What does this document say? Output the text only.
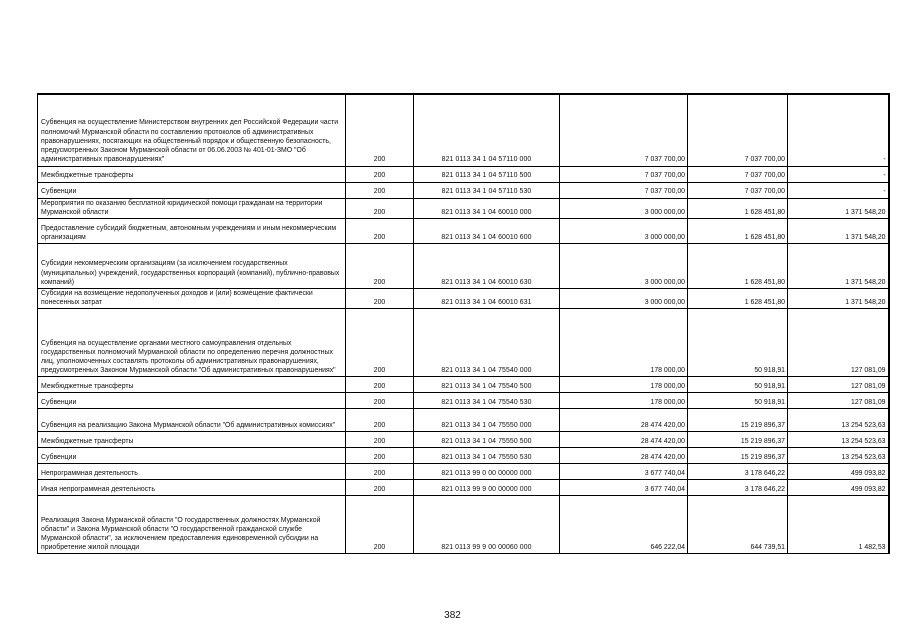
Субвенция на осуществление Министерством внутренних дел Российской Федерации части полномочий Мурманской области по составлению протоколов об административных правонарушениях, посягающих на общественный порядок и общественную безопасность, предусмотренных Законом Мурманской области от 06.06.2003 № 401-01-ЗМО "Об административных правонарушениях"	200	821 0113 34 1 04 57110 000	7 037 700,00	7 037 700,00	-
Межбюджетные трансферты	200	821 0113 34 1 04 57110 500	7 037 700,00	7 037 700,00	-
Субвенции	200	821 0113 34 1 04 57110 530	7 037 700,00	7 037 700,00	-
Мероприятия по оказанию бесплатной юридической помощи гражданам на территории Мурманской области	200	821 0113 34 1 04 60010 000	3 000 000,00	1 628 451,80	1 371 548,20
Предоставление субсидий бюджетным, автономным учреждениям и иным некоммерческим организациям	200	821 0113 34 1 04 60010 600	3 000 000,00	1 628 451,80	1 371 548,20
Субсидии некоммерческим организациям (за исключением государственных (муниципальных) учреждений, государственных корпораций (компаний), публично-правовых компаний)	200	821 0113 34 1 04 60010 630	3 000 000,00	1 628 451,80	1 371 548,20
Субсидии на возмещение недополученных доходов и (или) возмещение фактически понесенных затрат	200	821 0113 34 1 04 60010 631	3 000 000,00	1 628 451,80	1 371 548,20
Субвенция на осуществление органами местного самоуправления отдельных государственных полномочий Мурманской области по определению перечня должностных лиц, уполномоченных составлять протоколы об административных правонарушениях, предусмотренных Законом Мурманской области "Об административных правонарушениях"	200	821 0113 34 1 04 75540 000	178 000,00	50 918,91	127 081,09
Межбюджетные трансферты	200	821 0113 34 1 04 75540 500	178 000,00	50 918,91	127 081,09
Субвенции	200	821 0113 34 1 04 75540 530	178 000,00	50 918,91	127 081,09
Субвенция на реализацию Закона Мурманской области "Об административных комиссиях"	200	821 0113 34 1 04 75550 000	28 474 420,00	15 219 896,37	13 254 523,63
Межбюджетные трансферты	200	821 0113 34 1 04 75550 500	28 474 420,00	15 219 896,37	13 254 523,63
Субвенции	200	821 0113 34 1 04 75550 530	28 474 420,00	15 219 896,37	13 254 523,63
Непрограммная деятельность	200	821 0113 99 0 00 00000 000	3 677 740,04	3 178 646,22	499 093,82
Иная непрограммная деятельность	200	821 0113 99 9 00 00000 000	3 677 740,04	3 178 646,22	499 093,82
Реализация Закона Мурманской области "О государственных должностях Мурманской области" и Закона Мурманской области "О государственной гражданской службе Мурманской области", за исключением предоставления единовременной субсидии на приобретение жилой площади	200	821 0113 99 9 00 00060 000	646 222,04	644 739,51	1 482,53
382
